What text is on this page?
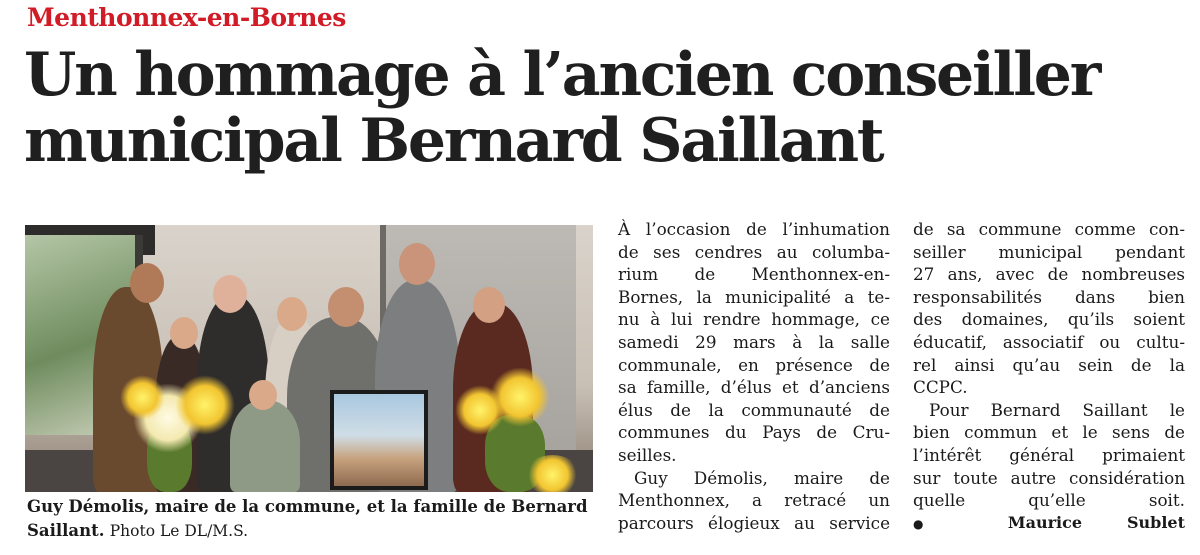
Menthonnex-en-Bornes
Un hommage à l’ancien conseiller
municipal Bernard Saillant
Guy Démolis, maire de la commune, et la famille de Bernard
Saillant. Photo Le DL/M.S.

À l’occasion de l’inhumation
de ses cendres au columba-
rium de Menthonnex-en-
Bornes, la municipalité a te-
nu à lui rendre hommage, ce
samedi 29 mars à la salle
communale, en présence de
sa famille, d’élus et d’anciens
élus de la communauté de
communes du Pays de Cru-
seilles.

Guy Démolis, maire de
Menthonnex, a retracé un
parcours élogieux au service

de sa commune comme con-
seiller municipal pendant
27 ans, avec de nombreuses
responsabilités dans bien
des domaines, qu’ils soient
éducatif, associatif ou cultu-
rel ainsi qu’au sein de la
CCPC.

Pour Bernard Saillant le
bien commun et le sens de
l’intérêt général primaient
sur toute autre considération
quelle qu’elle soit.

●	Maurice Sublet
